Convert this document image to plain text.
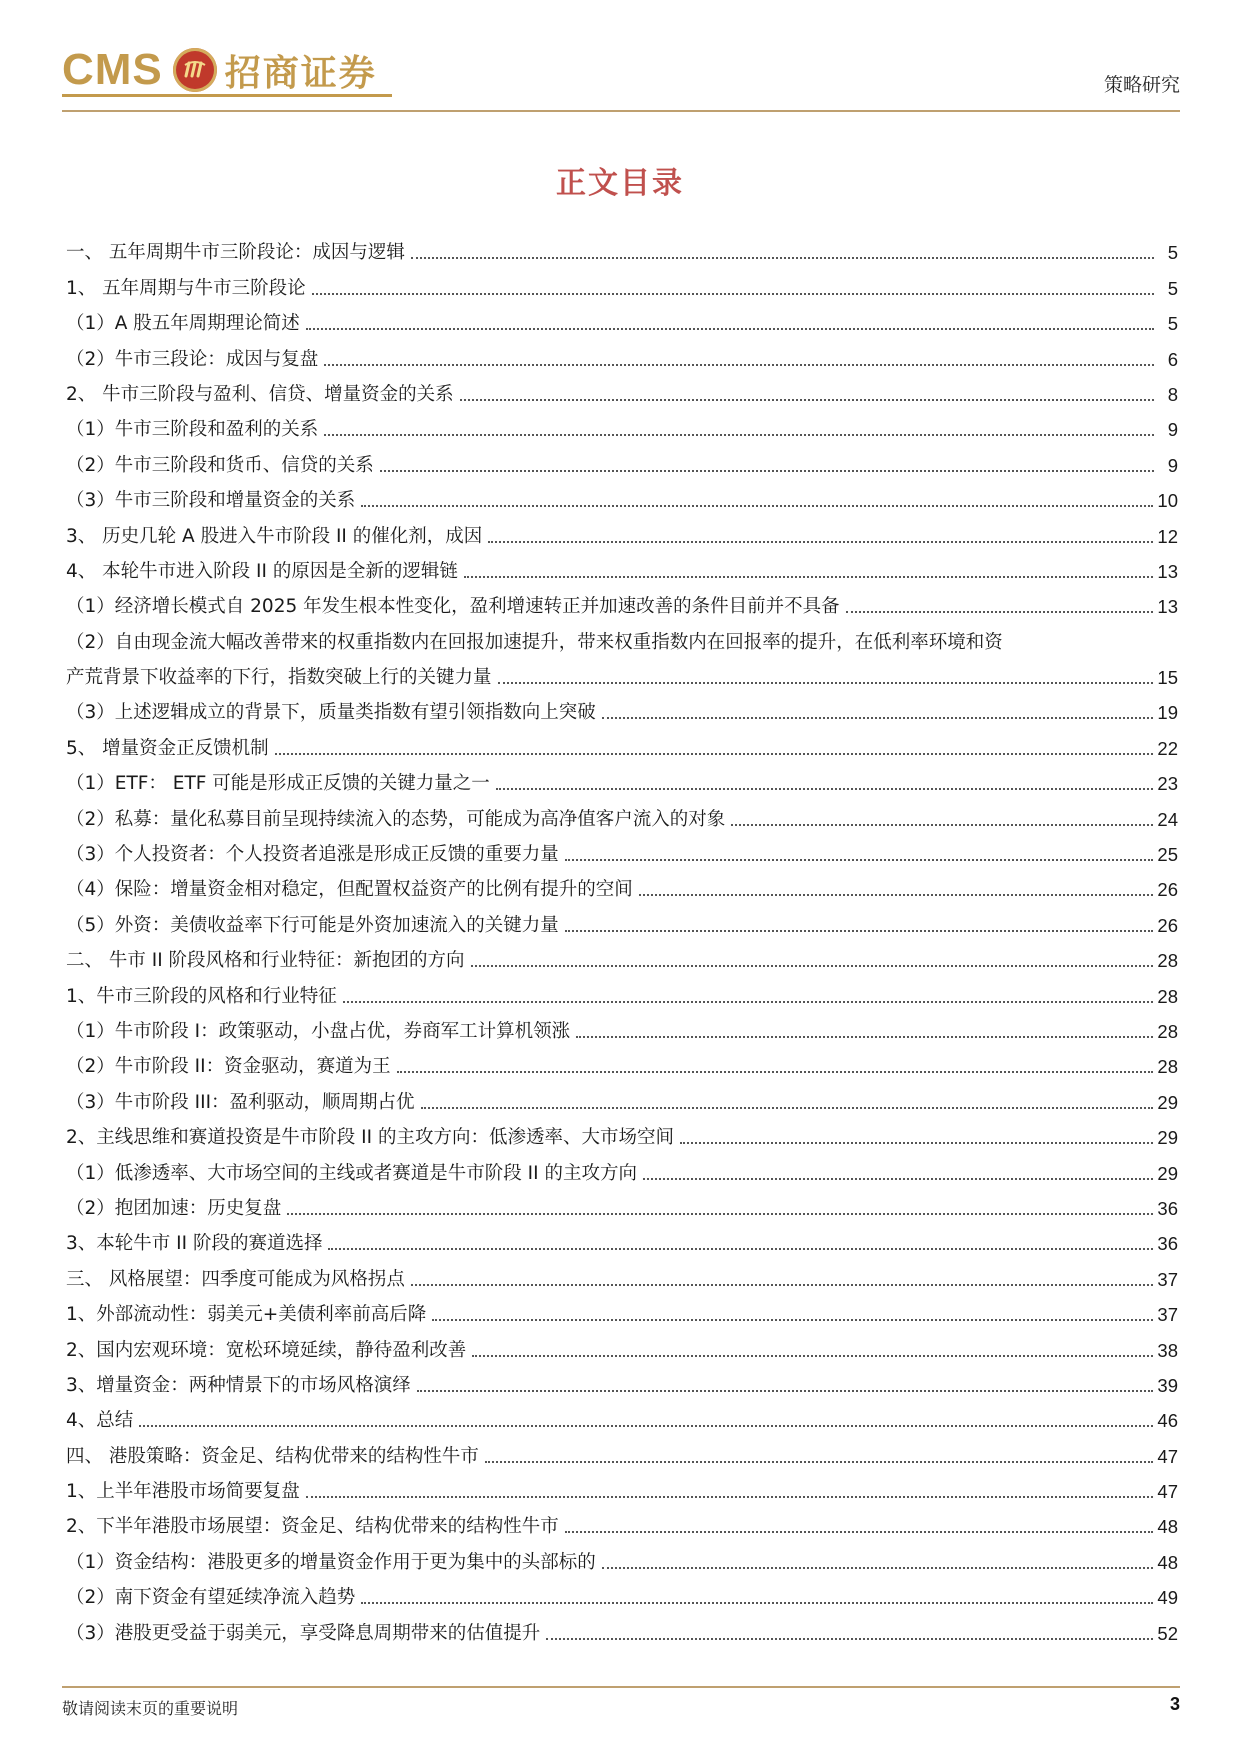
CMS 招商证券	策略研究
正文目录
一、 五年周期牛市三阶段论：成因与逻辑	5
1、 五年周期与牛市三阶段论	5
（1）A 股五年周期理论简述	5
（2）牛市三段论：成因与复盘	6
2、 牛市三阶段与盈利、信贷、增量资金的关系	8
（1）牛市三阶段和盈利的关系	9
（2）牛市三阶段和货币、信贷的关系	9
（3）牛市三阶段和增量资金的关系	10
3、 历史几轮 A 股进入牛市阶段 II 的催化剂，成因	12
4、 本轮牛市进入阶段 II 的原因是全新的逻辑链	13
（1）经济增长模式自 2025 年发生根本性变化，盈利增速转正并加速改善的条件目前并不具备	13
（2）自由现金流大幅改善带来的权重指数内在回报加速提升，带来权重指数内在回报率的提升，在低利率环境和资
产荒背景下收益率的下行，指数突破上行的关键力量	15
（3）上述逻辑成立的背景下，质量类指数有望引领指数向上突破	19
5、 增量资金正反馈机制	22
（1）ETF： ETF 可能是形成正反馈的关键力量之一	23
（2）私募：量化私募目前呈现持续流入的态势，可能成为高净值客户流入的对象	24
（3）个人投资者：个人投资者追涨是形成正反馈的重要力量	25
（4）保险：增量资金相对稳定，但配置权益资产的比例有提升的空间	26
（5）外资：美债收益率下行可能是外资加速流入的关键力量	26
二、 牛市 II 阶段风格和行业特征：新抱团的方向	28
1、牛市三阶段的风格和行业特征	28
（1）牛市阶段 I：政策驱动，小盘占优，券商军工计算机领涨	28
（2）牛市阶段 II：资金驱动，赛道为王	28
（3）牛市阶段 III：盈利驱动，顺周期占优	29
2、主线思维和赛道投资是牛市阶段 II 的主攻方向：低渗透率、大市场空间	29
（1）低渗透率、大市场空间的主线或者赛道是牛市阶段 II 的主攻方向	29
（2）抱团加速：历史复盘	36
3、本轮牛市 II 阶段的赛道选择	36
三、 风格展望：四季度可能成为风格拐点	37
1、外部流动性：弱美元+美债利率前高后降	37
2、国内宏观环境：宽松环境延续，静待盈利改善	38
3、增量资金：两种情景下的市场风格演绎	39
4、总结	46
四、 港股策略：资金足、结构优带来的结构性牛市	47
1、上半年港股市场简要复盘	47
2、下半年港股市场展望：资金足、结构优带来的结构性牛市	48
（1）资金结构：港股更多的增量资金作用于更为集中的头部标的	48
（2）南下资金有望延续净流入趋势	49
（3）港股更受益于弱美元，享受降息周期带来的估值提升	52
敬请阅读末页的重要说明	3
